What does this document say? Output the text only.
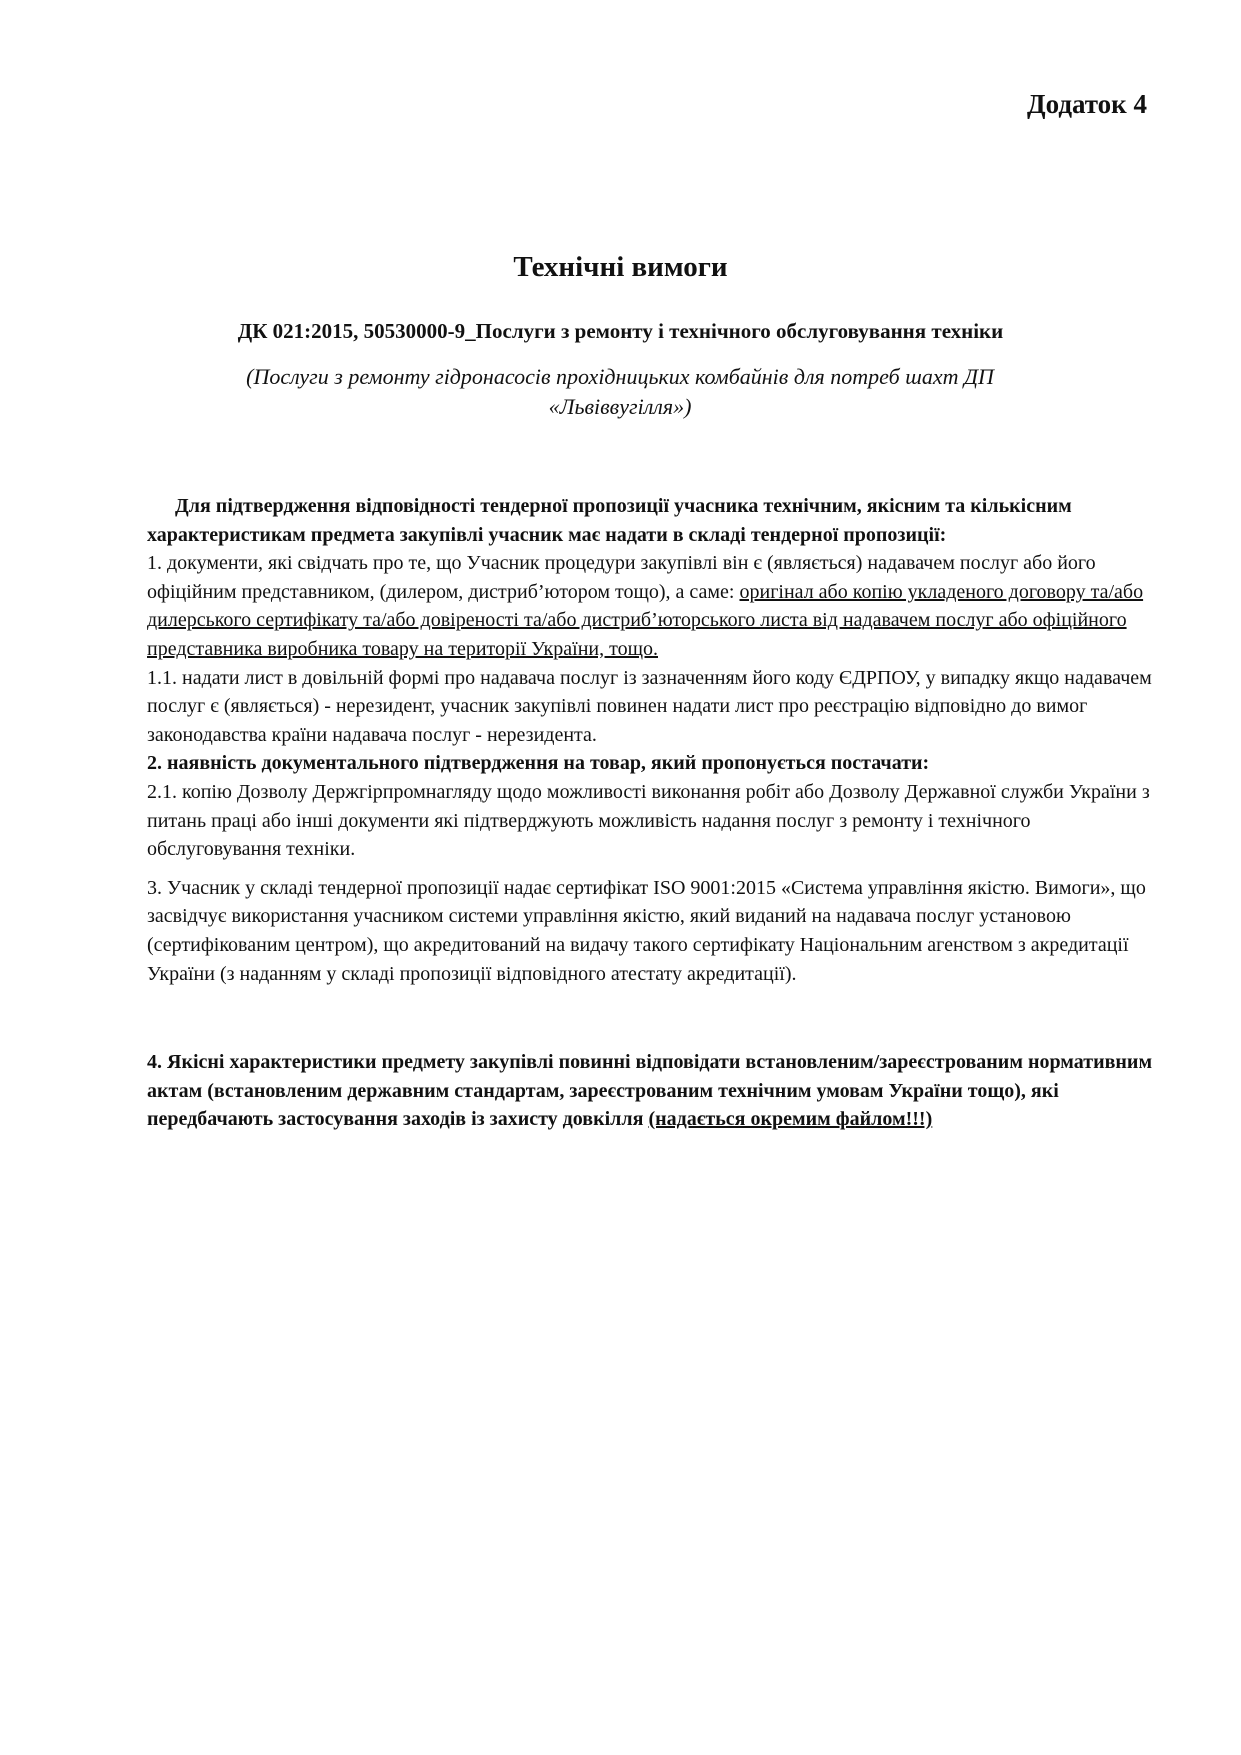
Додаток 4
Технічні вимоги
ДК 021:2015, 50530000-9_Послуги з ремонту і технічного обслуговування техніки
(Послуги з ремонту гідронасосів прохідницьких комбайнів для потреб шахт ДП
«Львіввугілля»)

Для підтвердження відповідності тендерної пропозиції учасника технічним, якісним та кількісним характеристикам предмета закупівлі учасник має надати в складі тендерної пропозиції:

1. документи, які свідчать про те, що Учасник процедури закупівлі він є (являється) надавачем послуг або його офіційним представником, (дилером, дистриб’ютором тощо), а саме: оригінал або копію укладеного договору та/або дилерського сертифікату та/або довіреності та/або дистриб’юторського листа від надавачем послуг або офіційного представника виробника товару на території України, тощо.

1.1. надати лист в довільній формі про надавача послуг із зазначенням його коду ЄДРПОУ, у випадку якщо надавачем послуг є (являється) - нерезидент, учасник закупівлі повинен надати лист про реєстрацію відповідно до вимог законодавства країни надавача послуг - нерезидента.

2. наявність документального підтвердження на товар, який пропонується постачати:

2.1. копію Дозволу Держгірпромнагляду щодо можливості виконання робіт або Дозволу Державної служби України з питань праці або інші документи які підтверджують можливість надання послуг з ремонту і технічного обслуговування техніки.

3. Учасник у складі тендерної пропозиції надає сертифікат ISO 9001:2015 «Система управління якістю. Вимоги», що засвідчує використання учасником системи управління якістю, який виданий на надавача послуг установою (сертифікованим центром), що акредитований на видачу такого сертифікату Національним агенством з акредитації України (з наданням у складі пропозиції відповідного атестату акредитації).

4. Якісні характеристики предмету закупівлі повинні відповідати встановленим/зареєстрованим нормативним актам (встановленим державним стандартам, зареєстрованим технічним умовам України тощо), які передбачають застосування заходів із захисту довкілля (надається окремим файлом!!!)
